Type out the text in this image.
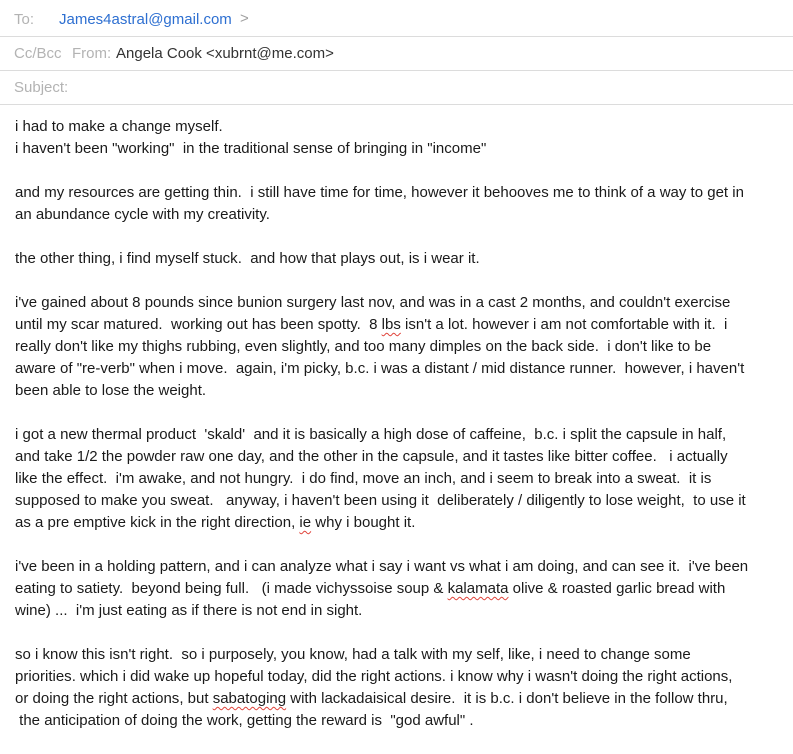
To: James4astral@gmail.com >
Cc/Bcc From: Angela Cook <xubrnt@me.com>
Subject:

i had to make a change myself.
i haven't been "working"  in the traditional sense of bringing in "income"

and my resources are getting thin.  i still have time for time, however it behooves me to think of a way to get in
an abundance cycle with my creativity.

the other thing, i find myself stuck.  and how that plays out, is i wear it.

i've gained about 8 pounds since bunion surgery last nov, and was in a cast 2 months, and couldn't exercise
until my scar matured.  working out has been spotty.  8 lbs isn't a lot. however i am not comfortable with it.  i
really don't like my thighs rubbing, even slightly, and too many dimples on the back side.  i don't like to be
aware of "re-verb" when i move.  again, i'm picky, b.c. i was a distant / mid distance runner.  however, i haven't
been able to lose the weight.

i got a new thermal product  'skald'  and it is basically a high dose of caffeine,  b.c. i split the capsule in half,
and take 1/2 the powder raw one day, and the other in the capsule, and it tastes like bitter coffee.   i actually
like the effect.  i'm awake, and not hungry.  i do find, move an inch, and i seem to break into a sweat.  it is
supposed to make you sweat.   anyway, i haven't been using it deliberately / diligently to lose weight,  to use it
as a pre emptive kick in the right direction, ie why i bought it.

i've been in a holding pattern, and i can analyze what i say i want vs what i am doing, and can see it.  i've been
eating to satiety.  beyond being full.   (i made vichyssoise soup & kalamata olive & roasted garlic bread with
wine) ...  i'm just eating as if there is not end in sight.

so i know this isn't right.  so i purposely, you know, had a talk with my self, like, i need to change some
priorities. which i did wake up hopeful today, did the right actions. i know why i wasn't doing the right actions,
or doing the right actions, but sabatoging with lackadaisical desire.  it is b.c. i don't believe in the follow thru,
the anticipation of doing the work, getting the reward is  "god awful" .
